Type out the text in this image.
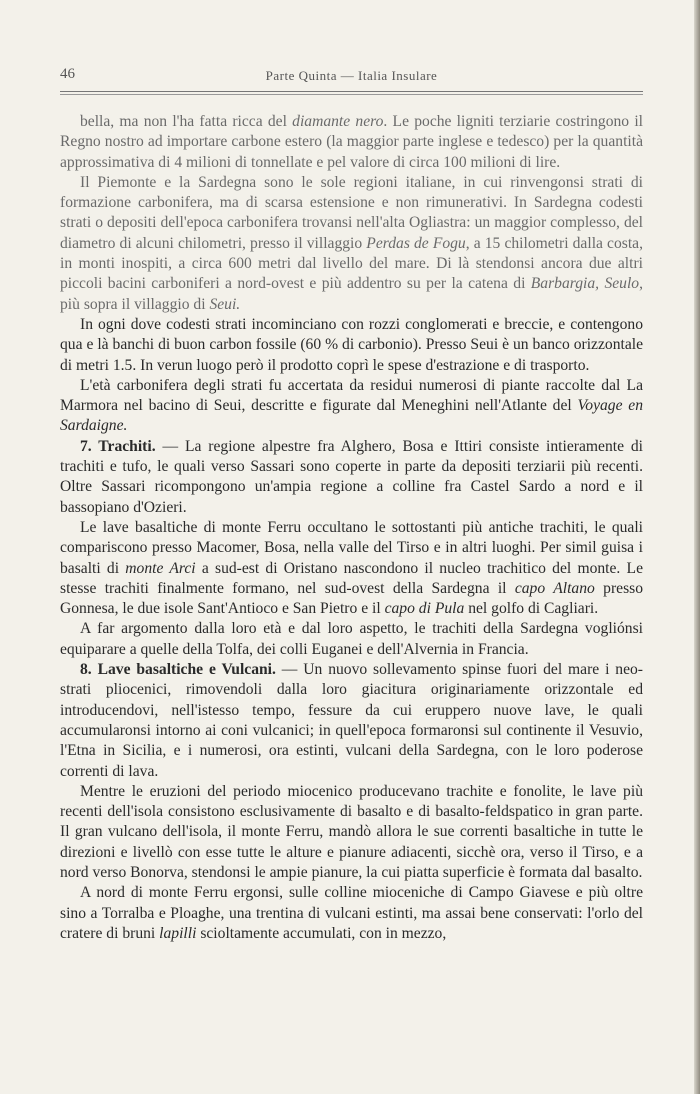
46	Parte Quinta — Italia Insulare

bella, ma non l'ha fatta ricca del diamante nero. Le poche ligniti terziarie costringono il Regno nostro ad importare carbone estero (la maggior parte inglese e tedesco) per la quantità approssimativa di 4 milioni di tonnellate e pel valore di circa 100 milioni di lire.

Il Piemonte e la Sardegna sono le sole regioni italiane, in cui rinvengonsi strati di formazione carbonifera, ma di scarsa estensione e non rimunerativi. In Sardegna codesti strati o depositi dell'epoca carbonifera trovansi nell'alta Ogliastra: un maggior complesso, del diametro di alcuni chilometri, presso il villaggio Perdas de Fogu, a 15 chilometri dalla costa, in monti inospiti, a circa 600 metri dal livello del mare. Di là stendonsi ancora due altri piccoli bacini carboniferi a nord-ovest e più addentro su per la catena di Barbargia, Seulo, più sopra il villaggio di Seui.

In ogni dove codesti strati incominciano con rozzi conglomerati e breccie, e contengono qua e là banchi di buon carbon fossile (60 % di carbonio). Presso Seui è un banco orizzontale di metri 1.5. In verun luogo però il prodotto coprì le spese d'estrazione e di trasporto.

L'età carbonifera degli strati fu accertata da residui numerosi di piante raccolte dal La Marmora nel bacino di Seui, descritte e figurate dal Meneghini nell'Atlante del Voyage en Sardaigne.

7. Trachiti. — La regione alpestre fra Alghero, Bosa e Ittiri consiste intieramente di trachiti e tufo, le quali verso Sassari sono coperte in parte da depositi terziarii più recenti. Oltre Sassari ricompongono un'ampia regione a colline fra Castel Sardo a nord e il bassopiano d'Ozieri.

Le lave basaltiche di monte Ferru occultano le sottostanti più antiche trachiti, le quali compariscono presso Macomer, Bosa, nella valle del Tirso e in altri luoghi. Per simil guisa i basalti di monte Arci a sud-est di Oristano nascondono il nucleo trachitico del monte. Le stesse trachiti finalmente formano, nel sud-ovest della Sardegna il capo Altano presso Gonnesa, le due isole Sant'Antioco e San Pietro e il capo di Pula nel golfo di Cagliari.

A far argomento dalla loro età e dal loro aspetto, le trachiti della Sardegna vogliónsi equiparare a quelle della Tolfa, dei colli Euganei e dell'Alvernia in Francia.

8. Lave basaltiche e Vulcani. — Un nuovo sollevamento spinse fuori del mare i neo-strati pliocenici, rimovendoli dalla loro giacitura originariamente orizzontale ed introducendovi, nell'istesso tempo, fessure da cui eruppero nuove lave, le quali accumularonsi intorno ai coni vulcanici; in quell'epoca formaronsi sul continente il Vesuvio, l'Etna in Sicilia, e i numerosi, ora estinti, vulcani della Sardegna, con le loro poderose correnti di lava.

Mentre le eruzioni del periodo miocenico producevano trachite e fonolite, le lave più recenti dell'isola consistono esclusivamente di basalto e di basalto-feldspatico in gran parte. Il gran vulcano dell'isola, il monte Ferru, mandò allora le sue correnti basaltiche in tutte le direzioni e livellò con esse tutte le alture e pianure adiacenti, sicchè ora, verso il Tirso, e a nord verso Bonorva, stendonsi le ampie pianure, la cui piatta superficie è formata dal basalto.

A nord di monte Ferru ergonsi, sulle colline mioceniche di Campo Giavese e più oltre sino a Torralba e Ploaghe, una trentina di vulcani estinti, ma assai bene conservati: l'orlo del cratere di bruni lapilli scioltamente accumulati, con in mezzo,
